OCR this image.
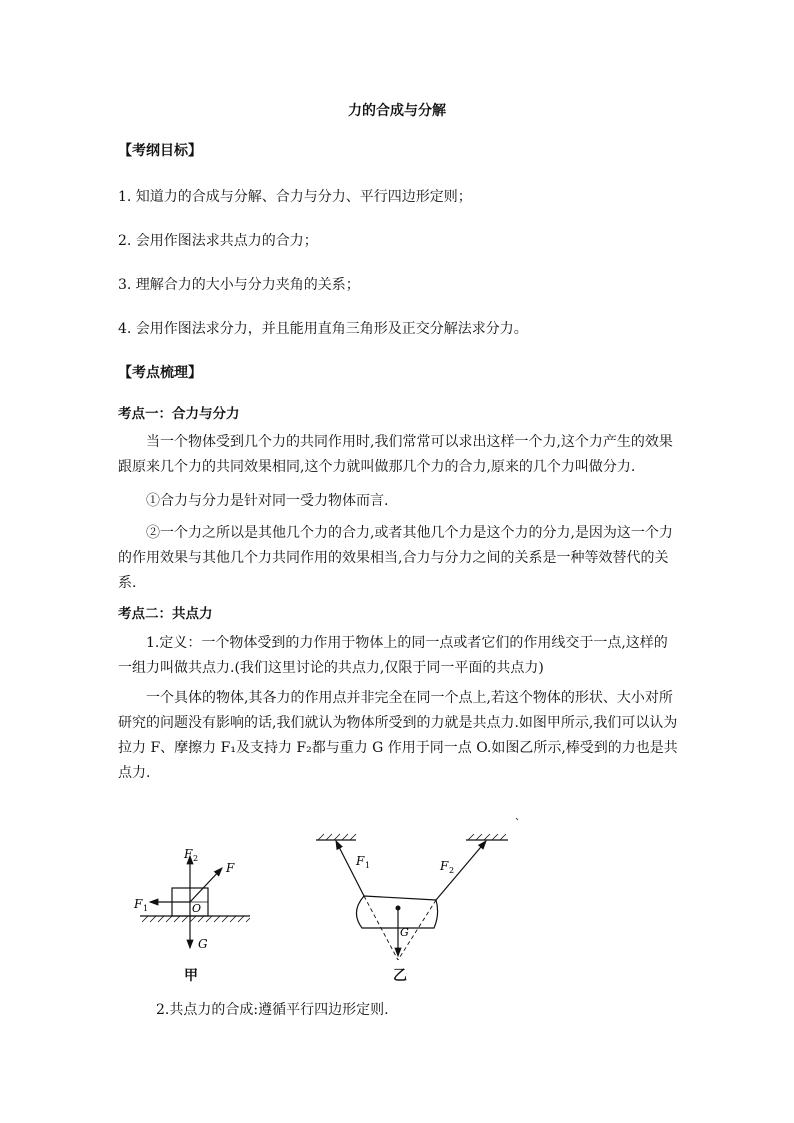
力的合成与分解
【考纲目标】
1. 知道力的合成与分解、合力与分力、平行四边形定则；
2. 会用作图法求共点力的合力；
3. 理解合力的大小与分力夹角的关系；
4. 会用作图法求分力，并且能用直角三角形及正交分解法求分力。
【考点梳理】
考点一：合力与分力
当一个物体受到几个力的共同作用时,我们常常可以求出这样一个力,这个力产生的效果跟原来几个力的共同效果相同,这个力就叫做那几个力的合力,原来的几个力叫做分力.
①合力与分力是针对同一受力物体而言.
②一个力之所以是其他几个力的合力,或者其他几个力是这个力的分力,是因为这一个力的作用效果与其他几个力共同作用的效果相当,合力与分力之间的关系是一种等效替代的关系.
考点二：共点力
1.定义：一个物体受到的力作用于物体上的同一点或者它们的作用线交于一点,这样的一组力叫做共点力.(我们这里讨论的共点力,仅限于同一平面的共点力)
一个具体的物体,其各力的作用点并非完全在同一个点上,若这个物体的形状、大小对所研究的问题没有影响的话,我们就认为物体所受到的力就是共点力.如图甲所示,我们可以认为拉力 F、摩擦力 F₁及支持力 F₂都与重力 G 作用于同一点 O.如图乙所示,棒受到的力也是共点力.
F 2
F
F 1	O
G
甲
F 1	F 2
G
乙
2.共点力的合成:遵循平行四边形定则.
